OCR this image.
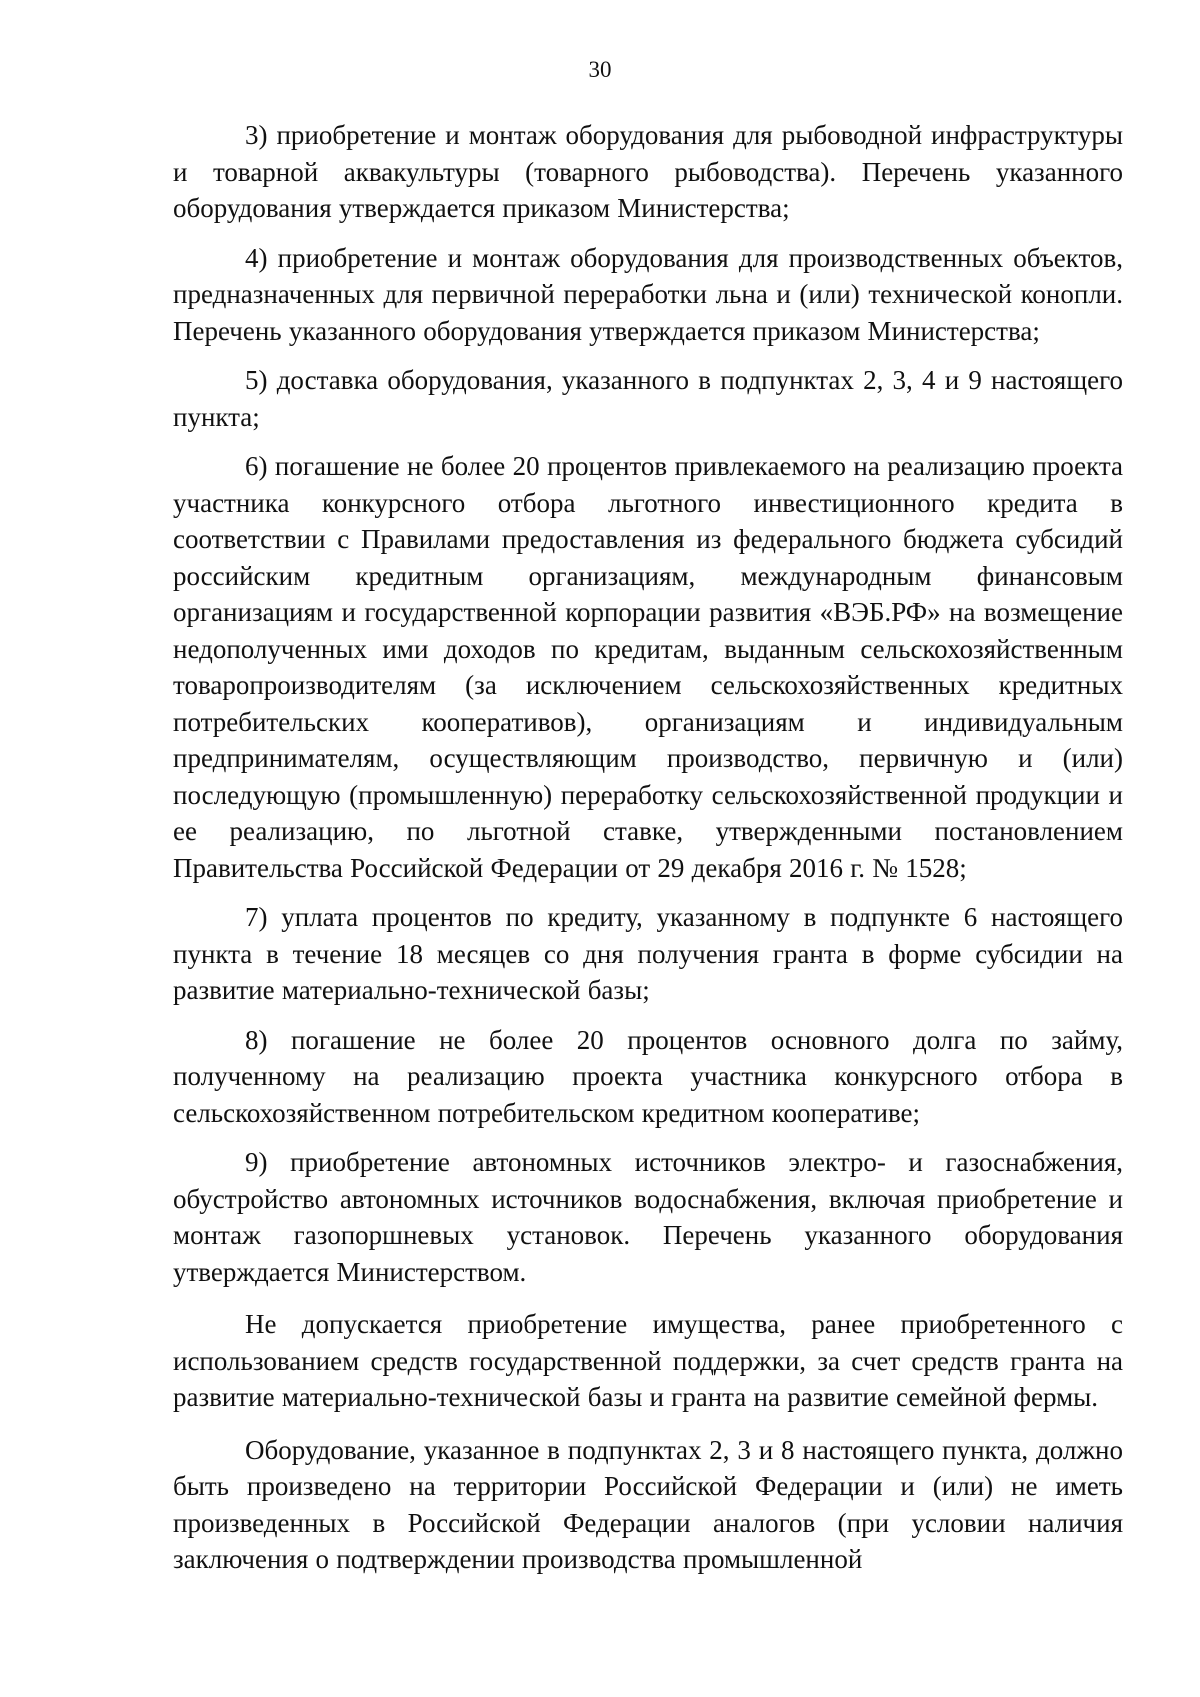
30

3) приобретение и монтаж оборудования для рыбоводной инфраструктуры и товарной аквакультуры (товарного рыбоводства). Перечень указанного оборудования утверждается приказом Министерства;

4) приобретение и монтаж оборудования для производственных объектов, предназначенных для первичной переработки льна и (или) технической конопли. Перечень указанного оборудования утверждается приказом Министерства;

5) доставка оборудования, указанного в подпунктах 2, 3, 4 и 9 настоящего пункта;

6) погашение не более 20 процентов привлекаемого на реализацию проекта участника конкурсного отбора льготного инвестиционного кредита в соответствии с Правилами предоставления из федерального бюджета субсидий российским кредитным организациям, международным финансовым организациям и государственной корпорации развития «ВЭБ.РФ» на возмещение недополученных ими доходов по кредитам, выданным сельскохозяйственным товаропроизводителям (за исключением сельскохозяйственных кредитных потребительских кооперативов), организациям и индивидуальным предпринимателям, осуществляющим производство, первичную и (или) последующую (промышленную) переработку сельскохозяйственной продукции и ее реализацию, по льготной ставке, утвержденными постановлением Правительства Российской Федерации от 29 декабря 2016 г. № 1528;

7) уплата процентов по кредиту, указанному в подпункте 6 настоящего пункта в течение 18 месяцев со дня получения гранта в форме субсидии на развитие материально-технической базы;

8) погашение не более 20 процентов основного долга по займу, полученному на реализацию проекта участника конкурсного отбора в сельскохозяйственном потребительском кредитном кооперативе;

9) приобретение автономных источников электро- и газоснабжения, обустройство автономных источников водоснабжения, включая приобретение и монтаж газопоршневых установок. Перечень указанного оборудования утверждается Министерством.

Не допускается приобретение имущества, ранее приобретенного с использованием средств государственной поддержки, за счет средств гранта на развитие материально-технической базы и гранта на развитие семейной фермы.

Оборудование, указанное в подпунктах 2, 3 и 8 настоящего пункта, должно быть произведено на территории Российской Федерации и (или) не иметь произведенных в Российской Федерации аналогов (при условии наличия заключения о подтверждении производства промышленной
